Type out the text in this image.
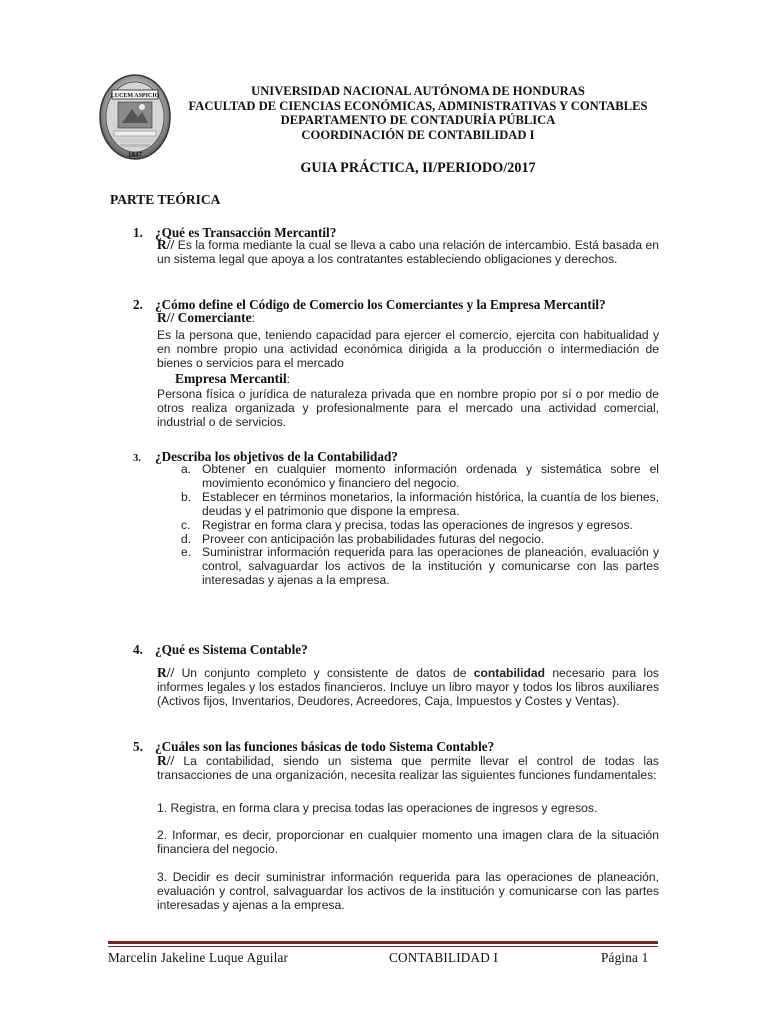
LUCEM ASPICIO
1847
UNIVERSIDAD NACIONAL AUTÓNOMA DE HONDURAS
FACULTAD DE CIENCIAS ECONÓMICAS, ADMINISTRATIVAS Y CONTABLES
DEPARTAMENTO DE CONTADURÍA PÚBLICA
COORDINACIÓN DE CONTABILIDAD I
GUIA PRÁCTICA, II/PERIODO/2017
PARTE TEÓRICA
1. ¿Qué es Transacción Mercantil?
R// Es la forma mediante la cual se lleva a cabo una relación de intercambio. Está basada en un sistema legal que apoya a los contratantes estableciendo obligaciones y derechos.
2. ¿Cómo define el Código de Comercio los Comerciantes y la Empresa Mercantil?
R// Comerciante:
Es la persona que, teniendo capacidad para ejercer el comercio, ejercita con habitualidad y en nombre propio una actividad económica dirigida a la producción o intermediación de bienes o servicios para el mercado
Empresa Mercantil:
Persona física o jurídica de naturaleza privada que en nombre propio por sí o por medio de otros realiza organizada y profesionalmente para el mercado una actividad comercial, industrial o de servicios.
3. ¿Describa los objetivos de la Contabilidad?
a. Obtener en cualquier momento información ordenada y sistemática sobre el movimiento económico y financiero del negocio.
b. Establecer en términos monetarios, la información histórica, la cuantía de los bienes, deudas y el patrimonio que dispone la empresa.
c. Registrar en forma clara y precisa, todas las operaciones de ingresos y egresos.
d. Proveer con anticipación las probabilidades futuras del negocio.
e. Suministrar información requerida para las operaciones de planeación, evaluación y control, salvaguardar los activos de la institución y comunicarse con las partes interesadas y ajenas a la empresa.
4. ¿Qué es Sistema Contable?
R// Un conjunto completo y consistente de datos de contabilidad necesario para los informes legales y los estados financieros. Incluye un libro mayor y todos los libros auxiliares (Activos fijos, Inventarios, Deudores, Acreedores, Caja, Impuestos y Costes y Ventas).
5. ¿Cuáles son las funciones básicas de todo Sistema Contable?
R// La contabilidad, siendo un sistema que permite llevar el control de todas las transacciones de una organización, necesita realizar las siguientes funciones fundamentales:
1. Registra, en forma clara y precisa todas las operaciones de ingresos y egresos.
2. Informar, es decir, proporcionar en cualquier momento una imagen clara de la situación financiera del negocio.
3. Decidir es decir suministrar información requerida para las operaciones de planeación, evaluación y control, salvaguardar los activos de la institución y comunicarse con las partes interesadas y ajenas a la empresa.
Marcelin Jakeline Luque Aguilar	CONTABILIDAD I	Página 1
